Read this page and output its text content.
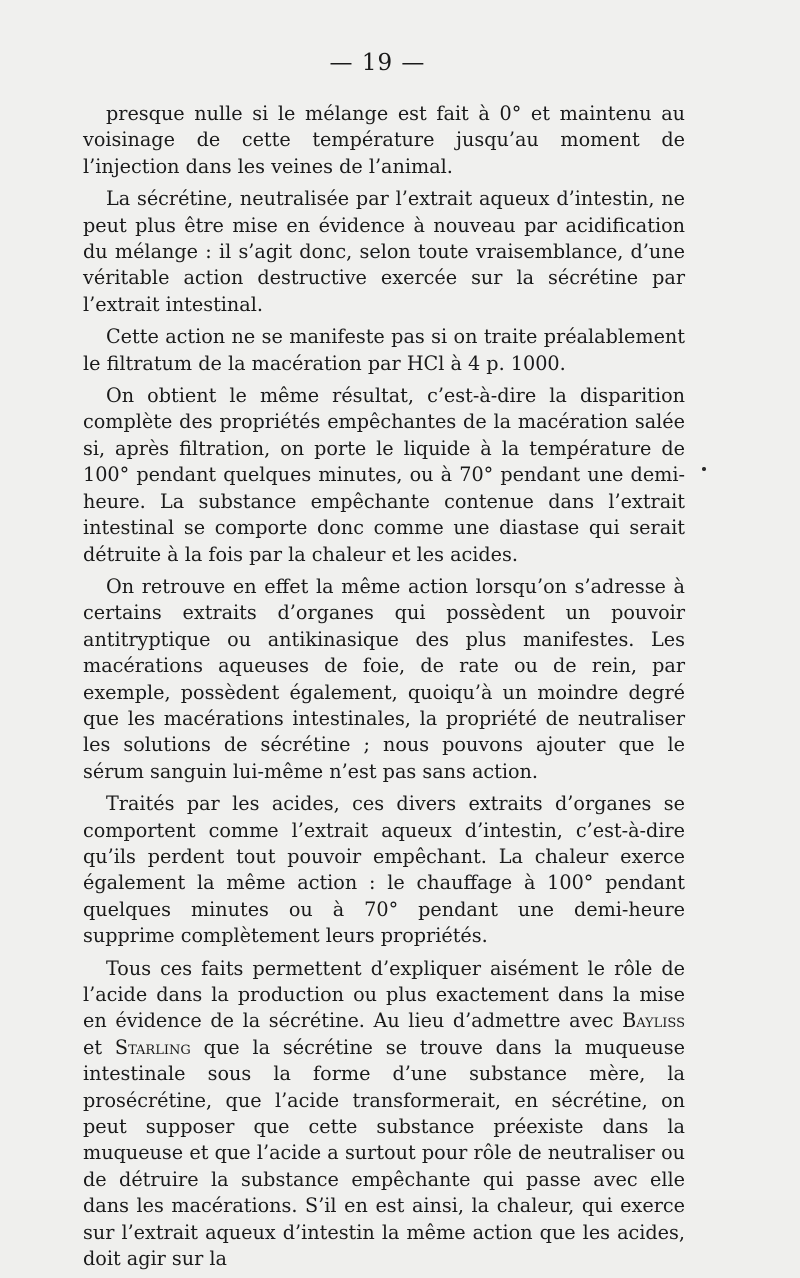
— 19 —

presque nulle si le mélange est fait à 0° et maintenu au voisinage de cette température jusqu’au moment de l’injection dans les veines de l’animal.

La sécrétine, neutralisée par l’extrait aqueux d’intestin, ne peut plus être mise en évidence à nouveau par acidification du mélange : il s’agit donc, selon toute vraisemblance, d’une véritable action destructive exercée sur la sécrétine par l’extrait intestinal.

Cette action ne se manifeste pas si on traite préalablement le filtratum de la macération par HCl à 4 p. 1000.

On obtient le même résultat, c’est-à-dire la disparition complète des propriétés empêchantes de la macération salée si, après filtration, on porte le liquide à la température de 100° pendant quelques minutes, ou à 70° pendant une demi-heure. La substance empêchante contenue dans l’extrait intestinal se comporte donc comme une diastase qui serait détruite à la fois par la chaleur et les acides.

On retrouve en effet la même action lorsqu’on s’adresse à certains extraits d’organes qui possèdent un pouvoir antitryptique ou antikinasique des plus manifestes. Les macérations aqueuses de foie, de rate ou de rein, par exemple, possèdent également, quoiqu’à un moindre degré que les macérations intestinales, la propriété de neutraliser les solutions de sécrétine ; nous pouvons ajouter que le sérum sanguin lui-même n’est pas sans action.

Traités par les acides, ces divers extraits d’organes se comportent comme l’extrait aqueux d’intestin, c’est-à-dire qu’ils perdent tout pouvoir empêchant. La chaleur exerce également la même action : le chauffage à 100° pendant quelques minutes ou à 70° pendant une demi-heure supprime complètement leurs propriétés.

Tous ces faits permettent d’expliquer aisément le rôle de l’acide dans la production ou plus exactement dans la mise en évidence de la sécrétine. Au lieu d’admettre avec Bayliss et Starling que la sécrétine se trouve dans la muqueuse intestinale sous la forme d’une substance mère, la prosécrétine, que l’acide transformerait, en sécrétine, on peut supposer que cette substance préexiste dans la muqueuse et que l’acide a surtout pour rôle de neutraliser ou de détruire la substance empêchante qui passe avec elle dans les macérations. S’il en est ainsi, la chaleur, qui exerce sur l’extrait aqueux d’intestin la même action que les acides, doit agir sur la
